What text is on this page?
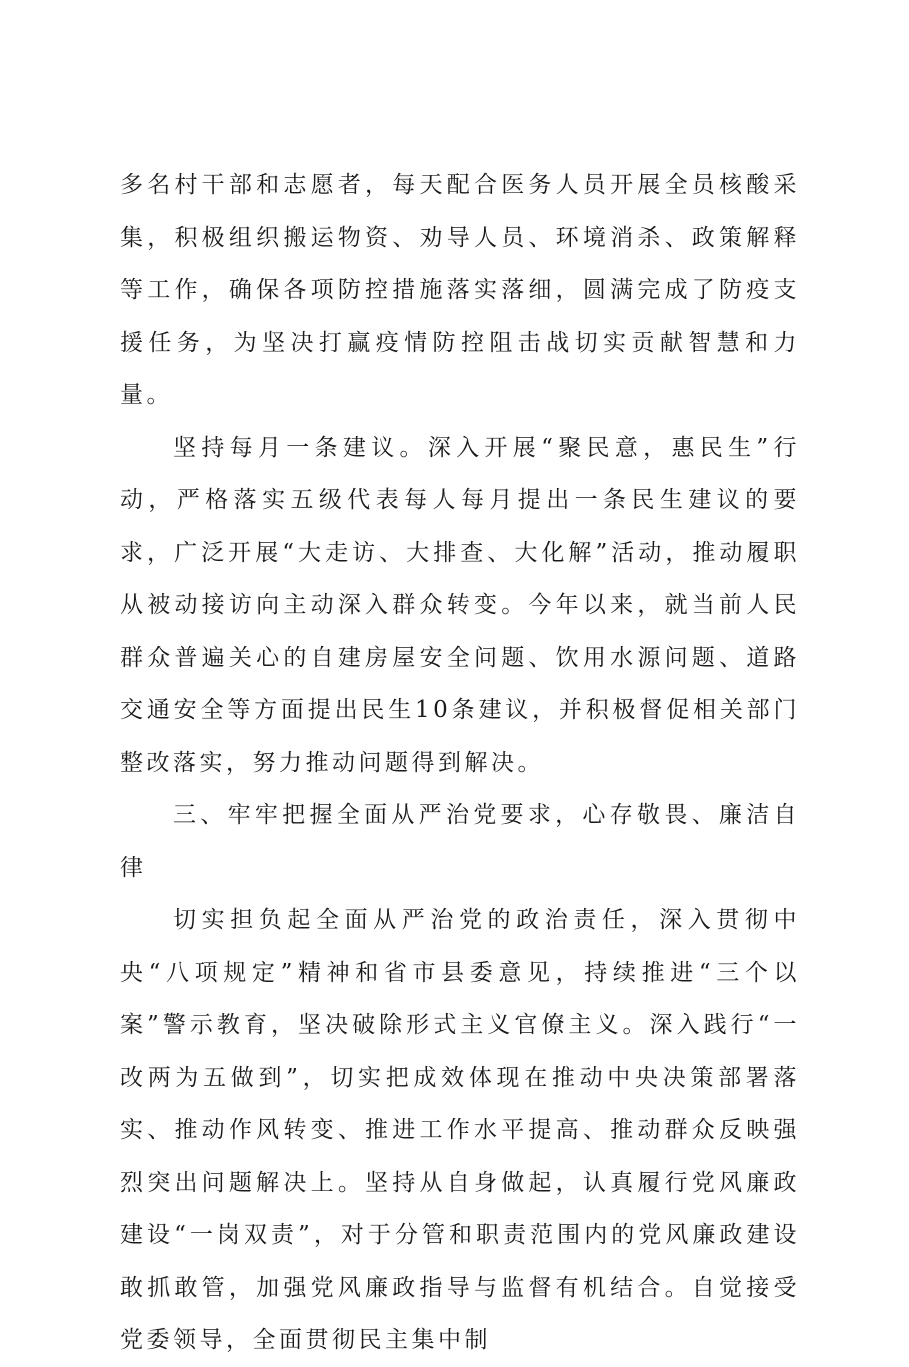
多名村干部和志愿者，每天配合医务人员开展全员核酸采集，积极组织搬运物资、劝导人员、环境消杀、政策解释等工作，确保各项防控措施落实落细，圆满完成了防疫支援任务，为坚决打赢疫情防控阻击战切实贡献智慧和力量。

坚持每月一条建议。深入开展“聚民意，惠民生”行动，严格落实五级代表每人每月提出一条民生建议的要求，广泛开展“大走访、大排查、大化解”活动，推动履职从被动接访向主动深入群众转变。今年以来，就当前人民群众普遍关心的自建房屋安全问题、饮用水源问题、道路交通安全等方面提出民生10条建议，并积极督促相关部门整改落实，努力推动问题得到解决。

三、牢牢把握全面从严治党要求，心存敬畏、廉洁自律

切实担负起全面从严治党的政治责任，深入贯彻中央“八项规定”精神和省市县委意见，持续推进“三个以案”警示教育，坚决破除形式主义官僚主义。深入践行“一改两为五做到”，切实把成效体现在推动中央决策部署落实、推动作风转变、推进工作水平提高、推动群众反映强烈突出问题解决上。坚持从自身做起，认真履行党风廉政建设“一岗双责”，对于分管和职责范围内的党风廉政建设敢抓敢管，加强党风廉政指导与监督有机结合。自觉接受党委领导，全面贯彻民主集中制
